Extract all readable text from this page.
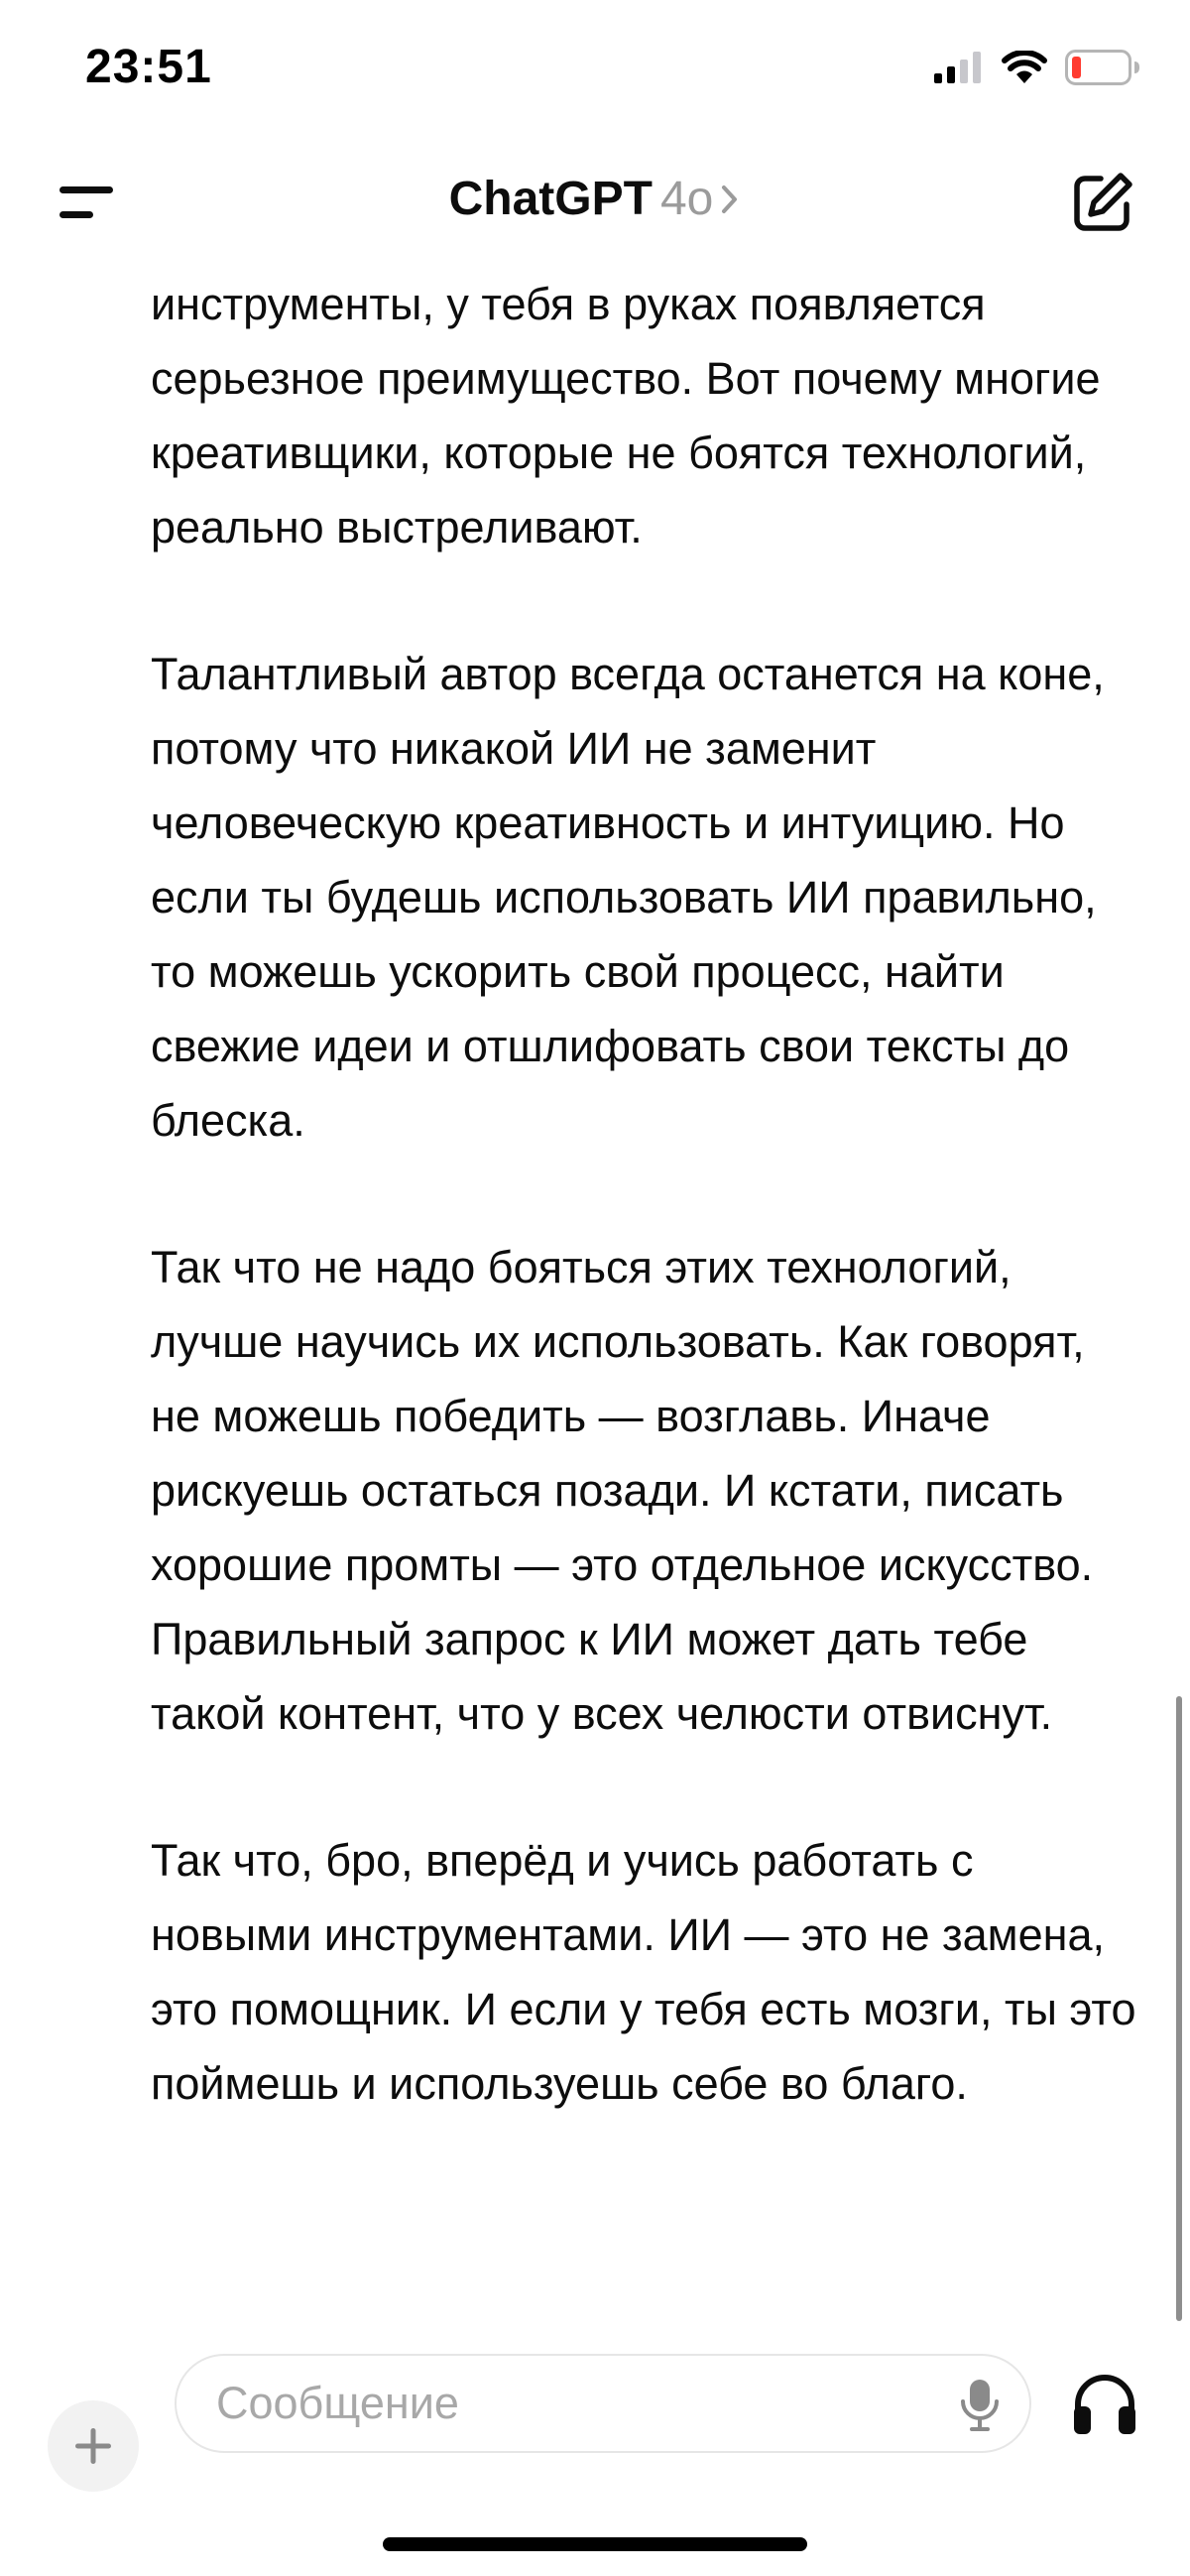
23:51
ChatGPT 4o

инструменты, у тебя в руках появляется серьезное преимущество. Вот почему многие креативщики, которые не боятся технологий, реально выстреливают.

Талантливый автор всегда останется на коне, потому что никакой ИИ не заменит человеческую креативность и интуицию. Но если ты будешь использовать ИИ правильно, то можешь ускорить свой процесс, найти свежие идеи и отшлифовать свои тексты до блеска.

Так что не надо бояться этих технологий, лучше научись их использовать. Как говорят, не можешь победить — возглавь. Иначе рискуешь остаться позади. И кстати, писать хорошие промты — это отдельное искусство. Правильный запрос к ИИ может дать тебе такой контент, что у всех челюсти отвиснут.

Так что, бро, вперёд и учись работать с новыми инструментами. ИИ — это не замена, это помощник. И если у тебя есть мозги, ты это поймешь и используешь себе во благо.

Сообщение
